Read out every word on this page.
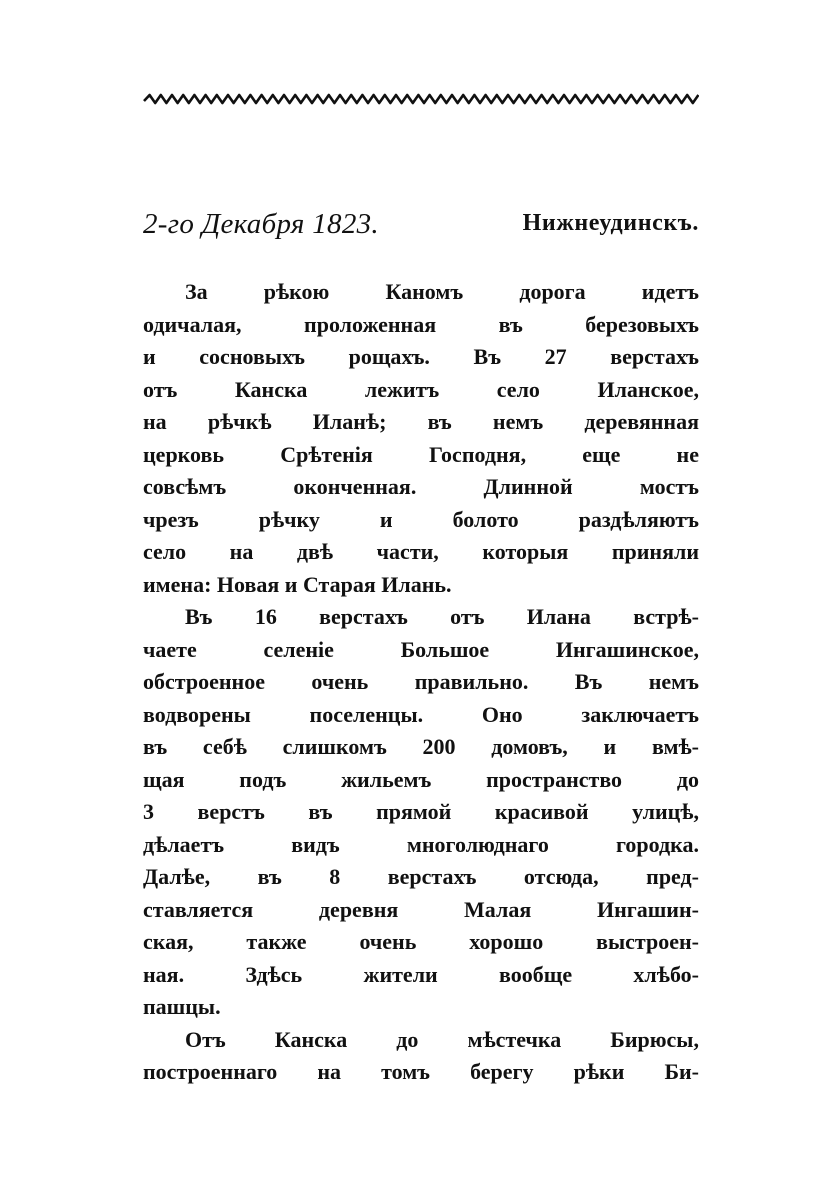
2-го Декабря 1823.	Нижнеудинскъ.
За рѣкою Каномъ дорога идетъ
одичалая, проложенная въ березовыхъ
и сосновыхъ рощахъ. Въ 27 верстахъ
отъ Канска лежитъ село Иланское,
на рѣчкѣ Иланѣ; въ немъ деревянная
церковь Срѣтенія Господня, еще не
совсѣмъ оконченная. Длинной мостъ
чрезъ рѣчку и болото раздѣляютъ
село на двѣ части, которыя приняли
имена: Новая и Старая Илань.
Въ 16 верстахъ отъ Илана встрѣ-
чаете селеніе Большое Ингашинское,
обстроенное очень правильно. Въ немъ
водворены поселенцы. Оно заключаетъ
въ себѣ слишкомъ 200 домовъ, и вмѣ-
щая подъ жильемъ пространство до
3 верстъ въ прямой красивой улицѣ,
дѣлаетъ видъ многолюднаго городка.
Далѣе, въ 8 верстахъ отсюда, пред-
ставляется деревня Малая Ингашин-
ская, также очень хорошо выстроен-
ная. Здѣсь жители вообще хлѣбо-
пашцы.
Отъ Канска до мѣстечка Бирюсы,
построеннаго на томъ берегу рѣки Би-
